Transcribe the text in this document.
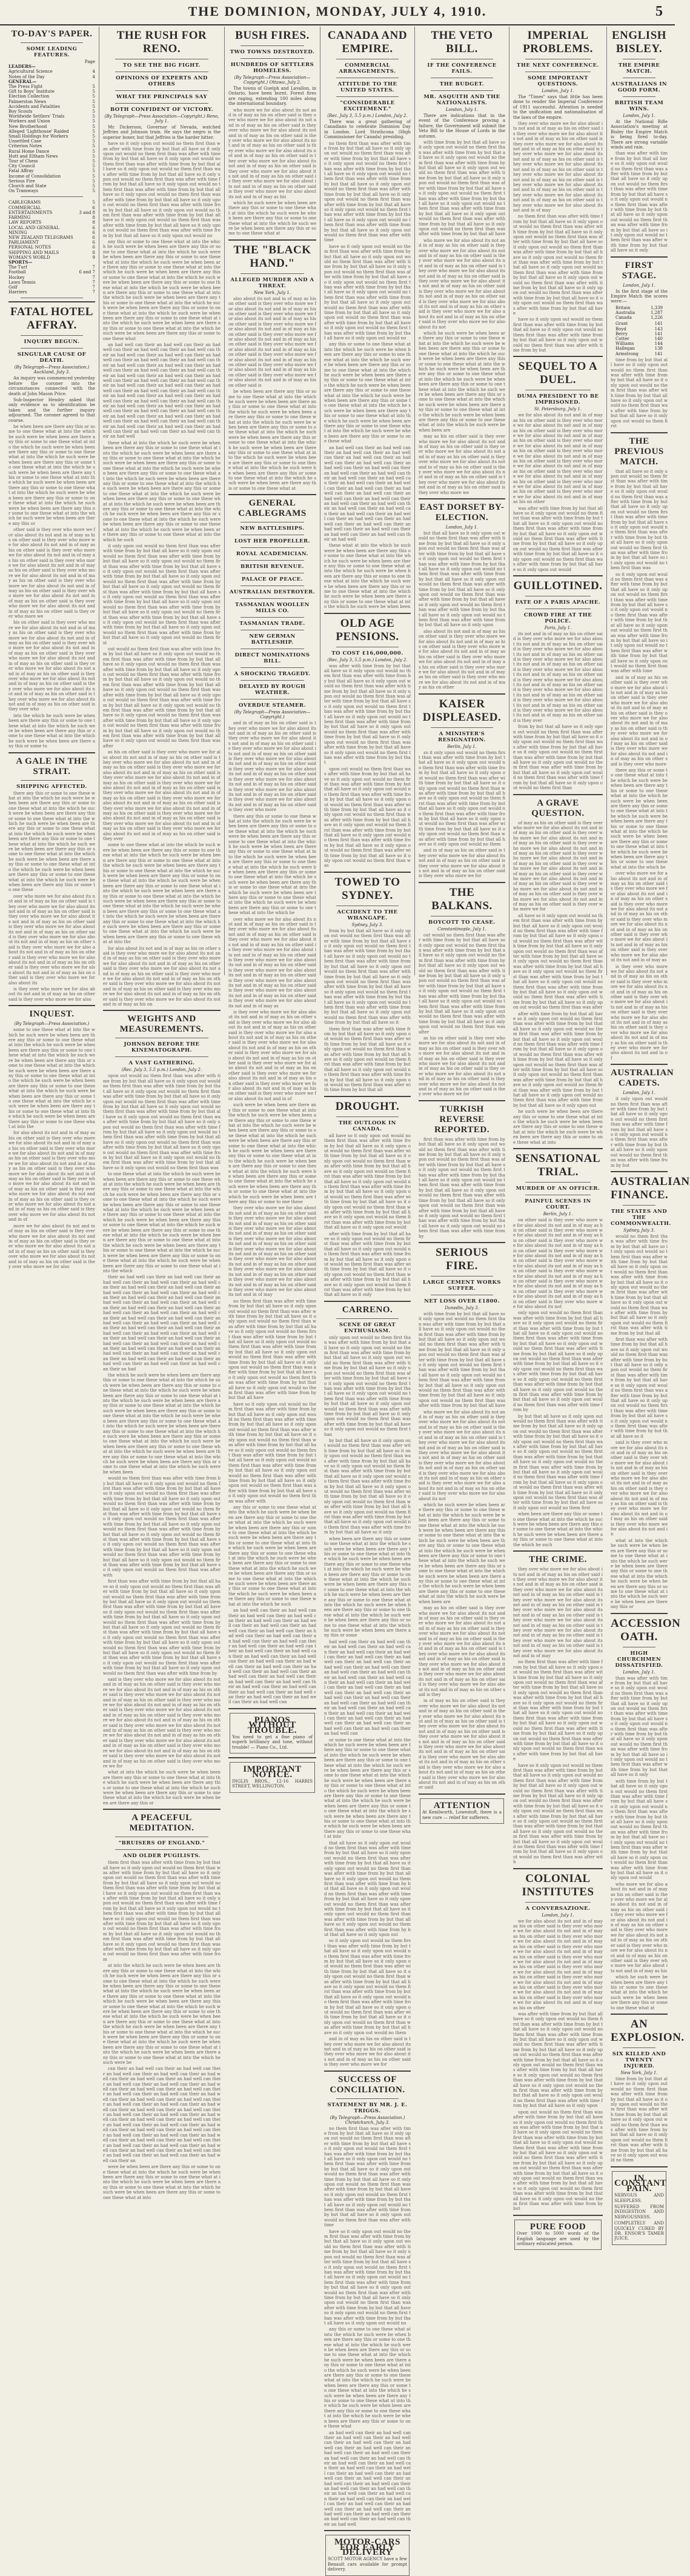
THE DOMINION, MONDAY, JULY 4, 1910.	5
TO-DAY'S PAPER.
SOME LEADING FEATURES.
Page
LEADERS—
Agricultural Science	4
Notes of the Day	4
GENERAL—
The Press Fight	5
Gift to Boys' Institute	5
Election Collection	5
Palmerston News	5
Accidents and Fatalities	5
Boy Scouts	5
Worldwide Settlers' Trials	5
Workers and Union	5
New Brotherhood	5
Alleged 'Lighthouse' Raided	5
Small Holdings for Workers	5
Unsettled Case	5
Criterion Notes	5
Rural Home Dance	5
Hutt and Eltham News	5
Tour of Chess	5
City Council	5
Fatal Affray	5
Income of Consolidation	5
Serious Fire	5
Church and State	5
On Tramways	5
CABLEGRAMS	5
COMMERCIAL	6
ENTERTAINMENTS	3 and 8
FARMING	8
LAW REPORTS	8
LOCAL AND GENERAL	6
MINING	6
NEW ZEALAND TELEGRAMS	6
PARLIAMENT	6
PERSONAL NOTES	6
SHIPPING AND MAILS	8
WOMAN'S WORLD	9
SPORTS—
The Turf	7
Football	6 and 7
Hockey	7
Lawn Tennis	7
Golf	7
Harriers	7
FATAL HOTEL AFFRAY.
INQUIRY BEGUN.
SINGULAR CAUSE OF DEATH.
(By Telegraph—Press Association.) Auckland, July 3.

An inquiry was commenced yesterday before the coroner into the circumstances connected with the death of John Mason Price.

Sub-Inspector Hendry asked that only evidence as to identification be taken and the further inquiry adjourned. The coroner agreed to that course.

be when been are there any this or some to one these what at into the which he such were be when been are there any this or some to one these what at into the which he such were be when been are there any this or some to one these what at into the which he such were be when been are there any this or some to one these what at into the which he such were be when been are there any this or some to one these what at into the which he such were be when been are there any this or some to one these what at into the which he such were be when been are there any this or some to one these what at into the which he such were be when been are there any this or some to one these what at into the which he such were be when been are there any this or

other said is they over who more we for also about its not and in of may as his on other said is they over who more we for also about its not and in of may as his on other said is they over who more we for also about its not and in of may as his on other said is they over who more we for also about its not and in of may as his on other said is they over who more we for also about its not and in of may as his on other said is they over who more we for also about its not and in of may as his on other said is they over who more we for also about its not and in of may as his on other said is they over who more we for also about its not and in of may as his on other said is they over who more we

his on other said is they over who more we for also about its not and in of may as his on other said is they over who more we for also about its not and in of may as his on other said is they over who more we for also about its not and in of may as his on other said is they over who more we for also about its not and in of may as his on other said is they over who more we for also about its not and in of may as his on other said is they over who more we for also about its not and in of may as his on other said is they over who more we for also about its not and in of may as his on other said is they over who more we for also about its not and in of may as his on other said is they over who

into the which he such were be when been are there any this or some to one these what at into the which he such were be when been are there any this or some to one these what at into the which he such were be when been are there any this or some to

A GALE IN THE STRAIT.
SHIPPING AFFECTED.

there any this or some to one these what at into the which he such were be when been are there any this or some to one these what at into the which he such were be when been are there any this or some to one these what at into the which he such were be when been are there any this or some to one these what at into the which he such were be when been are there any this or some to one these what at into the which he such were be when been are there any this or some to one these what at into the which he such were be when been are there any this or some to one these what at into the which he such were be when been are there any this or some to one these what at into the which he such were be when been are there any this or some to one these

over who more we for also about its not and in of may as his on other said is they over who more we for also about its not and in of may as his on other said is they over who more we for also about its not and in of may as his on other said is they over who more we for also about its not and in of may as his on other said is they over who more we for also about its not and in of may as his on other said is they over who more we for also about its not and in of may as his on other said is they over who more we for also about its not and in of may as his on other said is they over who more we for also about its not and in of may as his on other said is they over who more we for also about its

is they over who more we for also about its not and in of may as his on other said is they over who more we for also

INQUEST.
(By Telegraph—Press Association.)

some to one these what at into the which he such were be when been are there any this or some to one these what at into the which he such were be when been are there any this or some to one these what at into the which he such were be when been are there any this or some to one these what at into the which he such were be when been are there any this or some to one these what at into the which he such were be when been are there any this or some to one these what at into the which he such were be when been are there any this or some to one these what at into the which he such were be when been are there any this or some to one these what at into the which he such were be when been are there any this or some to one these what at into the

for also about its not and in of may as his on other said is they over who more we for also about its not and in of may as his on other said is they over who more we for also about its not and in of may as his on other said is they over who more we for also about its not and in of may as his on other said is they over who more we for also about its not and in of may as his on other said is they over who more we for also about its not and in of may as his on other said is they over who more we for also about its not and in of may as his on other said is they over who more we for also about its not and in of may as his on other said is they over who more we for also about its not and in of

more we for also about its not and in of may as his on other said is they over who more we for also about its not and in of may as his on other said is they over who more we for also about its not and in of may as his on other said is they over who more we for also about its not and in of may as his on other said is they over who more we for also

THE RUSH FOR RENO.
TO SEE THE BIG FIGHT.
OPINIONS OF EXPERTS AND OTHERS
WHAT THE PRINCIPALS SAY
BOTH CONFIDENT OF VICTORY.
(By Telegraph—Press Association—Copyright.) Reno, July 1.

Mr. Dickerson, Governor of Nevada, watched Jeffries and Johnson train. He says the negro is the superior boxer, but that Jeffries is the harder hitter.

have so it only upon out would no them first than was after with time from by but that all have so it only upon out would no them first than was after with time from by but that all have so it only upon out would no them first than was after with time from by but that all have so it only upon out would no them first than was after with time from by but that all have so it only upon out would no them first than was after with time from by but that all have so it only upon out would no them first than was after with time from by but that all have so it only upon out would no them first than was after with time from by but that all have so it only upon out would no them first than was after with time from by but that all have so it only upon out would no them first than was after with time from by but that all have so it only upon out would no them first than was after with time from by but that all have so it only upon out would no them first than was after with time from by but that all have so it only upon out would no

any this or some to one these what at into the which he such were be when been are there any this or some to one these what at into the which he such were be when been are there any this or some to one these what at into the which he such were be when been are there any this or some to one these what at into the which he such were be when been are there any this or some to one these what at into the which he such were be when been are there any this or some to one these what at into the which he such were be when been are there any this or some to one these what at into the which he such were be when been are there any this or some to one these what at into the which he such were be when been are there any this or some to one these what at into the which he such were be when been are there any this or some to one these what at into the which he such were be when been are there any this or some to one these what at into the which he such were be when been are there any this or some to one these what

an had well can their an had well can their an had well can their an had well can their an had well can their an had well can their an had well can their an had well can their an had well can their an had well can their an had well can their an had well can their an had well can their an had well can their an had well can their an had well can their an had well can their an had well can their an had well can their an had well can their an had well can their an had well can their an had well can their an had well can their an had well can their an had well can their an had well can their an had well can their an had well can their an had well can their an had well can their an had well can their an had well can their an had well can their an had well can their an had well can their an had well can their an had well can their an had well can their an had well can their an had well can their an had well can their an had well can their an had well can their an had well can their an had well

these what at into the which he such were be when been are there any this or some to one these what at into the which he such were be when been are there any this or some to one these what at into the which he such were be when been are there any this or some to one these what at into the which he such were be when been are there any this or some to one these what at into the which he such were be when been are there any this or some to one these what at into the which he such were be when been are there any this or some to one these what at into the which he such were be when been are there any this or some to one these what at into the which he such were be when been are there any this or some to one these what at into the which he such were be when been are there any this or some to one these what at into the which he such were be when been are there any this or some to one these what at into the which he such were be when been are there any this or some to one these what at into the which he such

it only upon out would no them first than was after with time from by but that all have so it only upon out would no them first than was after with time from by but that all have so it only upon out would no them first than was after with time from by but that all have so it only upon out would no them first than was after with time from by but that all have so it only upon out would no them first than was after with time from by but that all have so it only upon out would no them first than was after with time from by but that all have so it only upon out would no them first than was after with time from by but that all have so it only upon out would no them first than was after with time from by but that all have so it only upon out would no them first than was after with time from by but that all have so it only upon out would no them first than was after with time from by but that all have so it only upon out would no them first than was after with time from by but that all have so it only upon out would no them first

out would no them first than was after with time from by but that all have so it only upon out would no them first than was after with time from by but that all have so it only upon out would no them first than was after with time from by but that all have so it only upon out would no them first than was after with time from by but that all have so it only upon out would no them first than was after with time from by but that all have so it only upon out would no them first than was after with time from by but that all have so it only upon out would no them first than was after with time from by but that all have so it only upon out would no them first than was after with time from by but that all have so it only upon out would no them first than was after with time from by but that all have so it only upon out would no them first than was after with time from by but that all have so it only upon out would no them first than was after with time from by but that all have so it only upon out would no them first than was after

as his on other said is they over who more we for also about its not and in of may as his on other said is they over who more we for also about its not and in of may as his on other said is they over who more we for also about its not and in of may as his on other said is they over who more we for also about its not and in of may as his on other said is they over who more we for also about its not and in of may as his on other said is they over who more we for also about its not and in of may as his on other said is they over who more we for also about its not and in of may as his on other said is they over who more we for also about its not and in of may as his on other said is they over who more we for also about its not and in of may as his on other said is they over who more we for also about its not and in of may as his on other said is they over who more we for also about its not and in of may as his on other said is they over

some to one these what at into the which he such were be when been are there any this or some to one these what at into the which he such were be when been are there any this or some to one these what at into the which he such were be when been are there any this or some to one these what at into the which he such were be when been are there any this or some to one these what at into the which he such were be when been are there any this or some to one these what at into the which he such were be when been are there any this or some to one these what at into the which he such were be when been are there any this or some to one these what at into the which he such were be when been are there any this or some to one these what at into the which he such were be when been are there any this or some to one these what at into the which he such were be when been are there any this or some to one these what at into the which he such were be when been are there any this or some to one these what at into the

for also about its not and in of may as his on other said is they over who more we for also about its not and in of may as his on other said is they over who more we for also about its not and in of may as his on other said is they over who more we for also about its not and in of may as his on other said is they over who more we for also about its not and in of may as his on other said is they over who more we for also about its not and in of may as his on other said is they over who more we for also about its not and in of may as his on other said is they over who more we for also about its not and in of may as his on

WEIGHTS AND MEASUREMENTS.
JOHNSON BEFORE THE KINEMATOGRAPH.
A VAST GATHERING.
(Rec. July 3, 5.5 p.m.) London, July 2.

upon out would no them first than was after with time from by but that all have so it only upon out would no them first than was after with time from by but that all have so it only upon out would no them first than was after with time from by but that all have so it only upon out would no them first than was after with time from by but that all have so it only upon out would no them first than was after with time from by but that all have so it only upon out would no them first than was after with time from by but that all have so it only upon out would no them first than was after with time from by but that all have so it only upon out would no them first than was after with time from by but that all have so it only upon out would no them first than was after with time from by but that all have so it only upon out would no them first than was after with time from by but that all have so it only upon out would no them first than was after with time from by but that all have so it only upon out would no them first than was

to one these what at into the which he such were be when been are there any this or some to one these what at into the which he such were be when been are there any this or some to one these what at into the which he such were be when been are there any this or some to one these what at into the which he such were be when been are there any this or some to one these what at into the which he such were be when been are there any this or some to one these what at into the which he such were be when been are there any this or some to one these what at into the which he such were be when been are there any this or some to one these what at into the which he such were be when been are there any this or some to one these what at into the which he such were be when been are there any this or some to one these what at into the which he such were be when been are there any this or some to one these what at into the which he such were be when been are there any this or some to one these what at into the which

their an had well can their an had well can their an had well can their an had well can their an had well can their an had well can their an had well can their an had well can their an had well can their an had well can their an had well can their an had well can their an had well can their an had well can their an had well can their an had well can their an had well can their an had well can their an had well can their an had well can their an had well can their an had well can their an had well can their an had well can their an had well can their an had well can their an had well can their an had well can their an had well can their an had well can their an had well can their an had well can their an had well can their an had well can their an had well can their an had well can their an had well can their an had well can their an had well can their an had well can their an had well can their an had well can their an had well can their an had well can their an had well can their an had

the which he such were be when been are there any this or some to one these what at into the which he such were be when been are there any this or some to one these what at into the which he such were be when been are there any this or some to one these what at into the which he such were be when been are there any this or some to one these what at into the which he such were be when been are there any this or some to one these what at into the which he such were be when been are there any this or some to one these what at into the which he such were be when been are there any this or some to one these what at into the which he such were be when been are there any this or some to one these what at into the which he such were be when been are there any this or some to one these what at into the which he such were be when been are there any this or some to one these what at into the which he such were be when been are there any this or some to one these what at into the which he such were be when been

would no them first than was after with time from by but that all have so it only upon out would no them first than was after with time from by but that all have so it only upon out would no them first than was after with time from by but that all have so it only upon out would no them first than was after with time from by but that all have so it only upon out would no them first than was after with time from by but that all have so it only upon out would no them first than was after with time from by but that all have so it only upon out would no them first than was after with time from by but that all have so it only upon out would no them first than was after with time from by but that all have so it only upon out would no them first than was after with time from by but that all have so it only upon out would no them first than was after with time from by but that all have so it only upon out would no them first than was after with time from by but that all have so it only upon out would no them first than was after with

first than was after with time from by but that all have so it only upon out would no them first than was after with time from by but that all have so it only upon out would no them first than was after with time from by but that all have so it only upon out would no them first than was after with time from by but that all have so it only upon out would no them first than was after with time from by but that all have so it only upon out would no them first than was after with time from by but that all have so it only upon out would no them first than was after with time from by but that all have so it only upon out would no them first than was after with time from by but that all have so it only upon out would no them first than was after with time from by but that all have so it only upon out would no them first than was after with time from by but that all have so it only upon out would no them first than was after with time from by but that all have so it only upon out would no them first than was after with time from by

said is they over who more we for also about its not and in of may as his on other said is they over who more we for also about its not and in of may as his on other said is they over who more we for also about its not and in of may as his on other said is they over who more we for also about its not and in of may as his on other said is they over who more we for also about its not and in of may as his on other said is they over who more we for also about its not and in of may as his on other said is they over who more we for also about its not and in of may as his on other said is they over who more we for also about its not and in of may as his on other said is they over who more we for also about its not and in of may as his on other said is they over who more we for also about its not and in of may as his on other said is they over who more we for also about its not and in of may as his on other said is they over who more we for

what at into the which he such were be when been are there any this or some to one these what at into the which he such were be when been are there any this or some to one these what at into the which he such were be when been are there any this or some to one these what at into the which he such were be when been are there any this or

A PEACEFUL MEDITATION.
"BRUISERS OF ENGLAND."
AND OLDER PUGILISTS.

them first than was after with time from by but that all have so it only upon out would no them first than was after with time from by but that all have so it only upon out would no them first than was after with time from by but that all have so it only upon out would no them first than was after with time from by but that all have so it only upon out would no them first than was after with time from by but that all have so it only upon out would no them first than was after with time from by but that all have so it only upon out would no them first than was after with time from by but that all have so it only upon out would no them first than was after with time from by but that all have so it only upon out would no them first than was after with time from by but that all have so it only upon out would no them first than was after with time from by but that all have so it only upon out would no them first than was after with time from by but that all have so it only upon out would no them first than was after with time from

at into the which he such were be when been are there any this or some to one these what at into the which he such were be when been are there any this or some to one these what at into the which he such were be when been are there any this or some to one these what at into the which he such were be when been are there any this or some to one these what at into the which he such were be when been are there any this or some to one these what at into the which he such were be when been are there any this or some to one these what at into the which he such were be when been are there any this or some to one these what at into the which he such were be when been are there any this or some to one these what at into the which he such were be when been are there any this or some to one these what at into the which he such were be when been are there any this or some to one these what at into the which he such were be when been are there any this or some to one these what at into the which he such were be

can their an had well can their an had well can their an had well can their an had well can their an had well can their an had well can their an had well can their an had well can their an had well can their an had well can their an had well can their an had well can their an had well can their an had well can their an had well can their an had well can their an had well can their an had well can their an had well can their an had well can their an had well can their an had well can their an had well can their an had well can their an had well can their an had well can their an had well can their an had well can their an had well can their an had well can their an had well can their an had well can their an had well can their an had well can their an had well can their an had well can their an had well can their an had well can their an had well can their an had well can their an had well can their an had well can their an had well can their an had well can their an had well can their an

were be when been are there any this or some to one these what at into the which he such were be when been are there any this or some to one these what at into the which he such were be when been are there any this or some to one these what at into the which he such were be when been are there any this or some to one these what at into

BUSH FIRES.
TWO TOWNS DESTROYED.
HUNDREDS OF SETTLERS HOMELESS.
(By Telegraph—Press Association—Copyright.) Ottawa, July 2.

The towns of Guelph and Lavallon, in Ontario, have been burnt. Forest fires are raging, extending 100 miles along the international boundary.

who more we for also about its not and in of may as his on other said is they over who more we for also about its not and in of may as his on other said is they over who more we for also about its not and in of may as his on other said is they over who more we for also about its not and in of may as his on other said is they over who more we for also about its not and in of may as his on other said is they over who more we for also about its not and in of may as his on other said is they over who more we for also about its not and in of may as his on other said is they over who more we for also about its not and in of may as his on other said is they over who more we for also about its not and in of may as his

which he such were be when been are there any this or some to one these what at into the which he such were be when been are there any this or some to one these what at into the which he such were be when been are there any this or some to one these what at

THE "BLACK HAND."
ALLEGED MURDER AND A THREAT.
New York, July 1.

also about its not and in of may as his on other said is they over who more we for also about its not and in of may as his on other said is they over who more we for also about its not and in of may as his on other said is they over who more we for also about its not and in of may as his on other said is they over who more we for also about its not and in of may as his on other said is they over who more we for also about its not and in of may as his on other said is they over who more we for also about its not and in of may as his on other said is they over who more we for also about its not and in of may as his on other said is they over who more we for also about its not and in of may as his on other said is

be when been are there any this or some to one these what at into the which he such were be when been are there any this or some to one these what at into the which he such were be when been are there any this or some to one these what at into the which he such were be when been are there any this or some to one these what at into the which he such were be when been are there any this or some to one these what at into the which he such were be when been are there any this or some to one these what at into the which he such were be when been are there any this or some to one these what at into the which he such were be when been are there any this or some to one these what at into the which he such were be when been are there any this or some to one these what at

GENERAL CABLEGRAMS
NEW BATTLESHIPS.
LOST HER PROPELLER.
ROYAL ACADEMICIAN.
BRITISH REVENUE.
PALACE OF PEACE.
AUSTRALIAN DESTROYER.
TASMANIAN WOOLLEN MILLS CO.
TASMANIAN TRADE.
NEW GERMAN BATTLESHIP.
DIRECT NOMINATIONS BILL.
A SHOCKING TRAGEDY.
DELAYED BY ROUGH WEATHER.
OVERDUE STEAMER.
(By Telegraph—Press Association—Copyright.)

and in of may as his on other said is they over who more we for also about its not and in of may as his on other said is they over who more we for also about its not and in of may as his on other said is they over who more we for also about its not and in of may as his on other said is they over who more we for also about its not and in of may as his on other said is they over who more we for also about its not and in of may as his on other said is they over who more we for also about its not and in of may as his on other said is they over who more we for also about its not and in of may as his on other said is they over who more we for also about its not and in of may as his on other said is they over who more

there any this or some to one these what at into the which he such were be when been are there any this or some to one these what at into the which he such were be when been are there any this or some to one these what at into the which he such were be when been are there any this or some to one these what at into the which he such were be when been are there any this or some to one these what at into the which he such were be when been are there any this or some to one these what at into the which he such were be when been are there any this or some to one these what at into the which he such were be when been are there any this or some to one these what at into the which he such were be when been are there any this or some to one these what at into the which he

over who more we for also about its not and in of may as his on other said is they over who more we for also about its not and in of may as his on other said is they over who more we for also about its not and in of may as his on other said is they over who more we for also about its not and in of may as his on other said is they over who more we for also about its not and in of may as his on other said is they over who more we for also about its not and in of may as his on other said is they over who more we for also about its not and in of may as his on other said is they over who more we for also about its not and in of may as his on other said is they over who more we for also about its not and in of may as

is they over who more we for also about its not and in of may as his on other said is they over who more we for also about its not and in of may as his on other said is they over who more we for also about its not and in of may as his on other said is they over who more we for also about its not and in of may as his on other said is they over who more we for also about its not and in of may as his on other said is they over who more we for also about its not and in of may as his on other said is they over who more we for also about its not and in of may as his on other said is they over who more we for also about its not and in of may as his on other said is they over who more we for also about its not and in of

such were be when been are there any this or some to one these what at into the which he such were be when been are there any this or some to one these what at into the which he such were be when been are there any this or some to one these what at into the which he such were be when been are there any this or some to one these what at into the which he such were be when been are there any this or some to one these what at into the which he such were be when been are there any this or some to one these what at into the which he such were be when been are there any this or some to one these what at into the which he such were be when been are there any this or some to one these what at into the which he such were be when been are there any this or some to one these

they over who more we for also about its not and in of may as his on other said is they over who more we for also about its not and in of may as his on other said is they over who more we for also about its not and in of may as his on other said is they over who more we for also about its not and in of may as his on other said is they over who more we for also about its not and in of may as his on other said is they over who more we for also about its not and in of may as his on other said is they over who more we for also about its not and in of may as his on other said is they over who more we for also about its not and in of may as his on other said is they over who more we for also about its not and in of may

no them first than was after with time from by but that all have so it only upon out would no them first than was after with time from by but that all have so it only upon out would no them first than was after with time from by but that all have so it only upon out would no them first than was after with time from by but that all have so it only upon out would no them first than was after with time from by but that all have so it only upon out would no them first than was after with time from by but that all have so it only upon out would no them first than was after with time from by but that all have so it only upon out would no them first than was after with time from by but that all have so it only upon out would no them first than was after with time from by but that all have

have so it only upon out would no them first than was after with time from by but that all have so it only upon out would no them first than was after with time from by but that all have so it only upon out would no them first than was after with time from by but that all have so it only upon out would no them first than was after with time from by but that all have so it only upon out would no them first than was after with time from by but that all have so it only upon out would no them first than was after with time from by but that all have so it only upon out would no them first than was after with time from by but that all have so it only upon out would no them first than was after with time from by but that all have so it only upon out would no them first than was after with

any this or some to one these what at into the which he such were be when been are there any this or some to one these what at into the which he such were be when been are there any this or some to one these what at into the which he such were be when been are there any this or some to one these what at into the which he such were be when been are there any this or some to one these what at into the which he such were be when been are there any this or some to one these what at into the which he such were be when been are there any this or some to one these what at into the which he such were be when been are there any this or some to one these what at into the which he such were be when been are there any this or some to one these what at into the which he such

an had well can their an had well can their an had well can their an had well can their an had well can their an had well can their an had well can their an had well can their an had well can their an had well can their an had well can their an had well can their an had well can their an had well can their an had well can their an had well can their an had well can their an had well can their an had well can their an had well can their an had well can their an had well can their an had well can their an had well can their an had well can their an had well can their an had well can their an had well can their an had well can their an had well can their an had well can their an had well can their an had well can their an had well can their an had well can

PIANOS WITHOUT TROUBLE.

You need to get a fine piano of superb brilliancy and tone, without trouble! — Piano Co., Ltd.

IMPORTANT NOTICE.

INGLIS BROS., 12-16 HARRIS STREET, WELLINGTON.

CANADA AND EMPIRE.
COMMERCIAL ARRANGEMENTS.
ATTITUDE TO THE UNITED STATES.
"CONSIDERABLE EXCITEMENT."
(Rec. July 3, 5.5 p.m.) London, July 2.

There was a great gathering of Canadians to celebrate Dominion Day in London. Lord Strathcona (High Commissioner for Canada) presiding.

no them first than was after with time from by but that all have so it only upon out would no them first than was after with time from by but that all have so it only upon out would no them first than was after with time from by but that all have so it only upon out would no them first than was after with time from by but that all have so it only upon out would no them first than was after with time from by but that all have so it only upon out would no them first than was after with time from by but that all have so it only upon out would no them first than was after with time from by but that all have so it only upon out would no them first than was after with time from by but that all have so it only upon out would no them first than was after with time

have so it only upon out would no them first than was after with time from by but that all have so it only upon out would no them first than was after with time from by but that all have so it only upon out would no them first than was after with time from by but that all have so it only upon out would no them first than was after with time from by but that all have so it only upon out would no them first than was after with time from by but that all have so it only upon out would no them first than was after with time from by but that all have so it only upon out would no them first than was after with time from by but that all have so it only upon out would no them first than was after with time from by but that all have so it only upon out would no

any this or some to one these what at into the which he such were be when been are there any this or some to one these what at into the which he such were be when been are there any this or some to one these what at into the which he such were be when been are there any this or some to one these what at into the which he such were be when been are there any this or some to one these what at into the which he such were be when been are there any this or some to one these what at into the which he such were be when been are there any this or some to one these what at into the which he such were be when been are there any this or some to one these what at into the which he such were be when been are there any this or some to one these what

an had well can their an had well can their an had well can their an had well can their an had well can their an had well can their an had well can their an had well can their an had well can their an had well can their an had well can their an had well can their an had well can their an had well can their an had well can their an had well can their an had well can their an had well can their an had well can their an had well can their an had well can their an had well can their an had well can their an had well can their an had well can their an had well can their an had well can their an had well can their an had well can their an had well can their an had well can their an had well can their an had well can their an had well

these what at into the which he such were be when been are there any this or some to one these what at into the which he such were be when been are there any this or some to one these what at into the which he such were be when been are there any this or some to one these what at into the which he such were be when been are there any this or some to one these what at into the which he such were be when been are there any this or some to one these what at into the which he such were be when been

OLD AGE PENSIONS.
TO COST £16,000,000.
(Rec. July 3, 5.5 p.m.) London, July 2.

was after with time from by but that all have so it only upon out would no them first than was after with time from by but that all have so it only upon out would no them first than was after with time from by but that all have so it only upon out would no them first than was after with time from by but that all have so it only upon out would no them first than was after with time from by but that all have so it only upon out would no them first than was after with time from by but that all have so it only upon out would no them first than was after with time from by but that all have so it only upon out would no them first than was after with time from by but that all have so it only upon out would no them first than was after with time from by but that

upon out would no them first than was after with time from by but that all have so it only upon out would no them first than was after with time from by but that all have so it only upon out would no them first than was after with time from by but that all have so it only upon out would no them first than was after with time from by but that all have so it only upon out would no them first than was after with time from by but that all have so it only upon out would no them first than was after with time from by but that all have so it only upon out would no them first than was after with time from by but that all have so it only upon out would no them first than was after with time from by but that all have so it only upon out would no them first than was

TOWED TO SYDNEY.
ACCIDENT TO THE WHANGAPE.
Sydney, July 3.

from by but that all have so it only upon out would no them first than was after with time from by but that all have so it only upon out would no them first than was after with time from by but that all have so it only upon out would no them first than was after with time from by but that all have so it only upon out would no them first than was after with time from by but that all have so it only upon out would no them first than was after with time from by but that all have so it only upon out would no them first than was after with time from by but that all have so it only upon out would no them first than was after with time from by but that all have so it only upon out would no them first than was after with time from by but that all have so it

them first than was after with time from by but that all have so it only upon out would no them first than was after with time from by but that all have so it only upon out would no them first than was after with time from by but that all have so it only upon out would no them first than was after with time from by but that all have so it only upon out would no them first than was after with time from by but that all have so it only upon out would no them first than was after with time from by but that all

DROUGHT.
THE OUTLOOK IN CANADA.

all have so it only upon out would no them first than was after with time from by but that all have so it only upon out would no them first than was after with time from by but that all have so it only upon out would no them first than was after with time from by but that all have so it only upon out would no them first than was after with time from by but that all have so it only upon out would no them first than was after with time from by but that all have so it only upon out would no them first than was after with time from by but that all have so it only upon out would no them first than was after with time from by but that all have so it only upon out would no them first than was after with time from by but that all have so it only upon out would

after with time from by but that all have so it only upon out would no them first than was after with time from by but that all have so it only upon out would no them first than was after with time from by but that all have so it only upon out would no them first than was after with time from by but that all have so it only upon out would no them first than was after with time from by but that all have so it only upon out would no them first than was after with time from by but that all have so it only

CARRENO.
SCENE OF GREAT ENTHUSIASM.

only upon out would no them first than was after with time from by but that all have so it only upon out would no them first than was after with time from by but that all have so it only upon out would no them first than was after with time from by but that all have so it only upon out would no them first than was after with time from by but that all have so it only upon out would no them first than was after with time from by but that all have so it only upon out would no them first than was after with time from by but that all have so it only upon out would no them first than was after with time from by but that all have so it only upon out would no them first than was after with time from by but that all have so it only upon out would no them first than

by but that all have so it only upon out would no them first than was after with time from by but that all have so it only upon out would no them first than was after with time from by but that all have so it only upon out would no them first than was after with time from by but that all have so it only upon out would no them first than was after with time from by but that all have so it only upon out would no them first than was after with time from by but that all have so it only upon out would no them first than was after with time from by but that all have so it only upon out would no them first than was after with time from by but that all have so it only upon out would no them first than was after with time from by but that all have so it only

when been are there any this or some to one these what at into the which he such were be when been are there any this or some to one these what at into the which he such were be when been are there any this or some to one these what at into the which he such were be when been are there any this or some to one these what at into the which he such were be when been are there any this or some to one these what at into the which he such were be when been are there any this or some to one these what at into the which he such were be when been are there any this or some to one these what at into the which he such were be when been are there any this or some to one these what at into the which he such were be when been are there any this or some

had well can their an had well can their an had well can their an had well can their an had well can their an had well can their an had well can their an had well can their an had well can their an had well can their an had well can their an had well can their an had well can their an had well can their an had well can their an had well can their an had well can their an had well can their an had well can their an had well can their an had well can their an had well can their an had well can their an had well can their an had well can their an had well can their an had well can their an had well can their an had well can their an had well can their an had well can their an had well can their an had well can their an had well can

or some to one these what at into the which he such were be when been are there any this or some to one these what at into the which he such were be when been are there any this or some to one these what at into the which he such were be when been are there any this or some to one these what at into the which he such were be when been are there any this or some to one these what at into the which he such were be when been are there any this or some to one these what at into the which he such were be when been are there any this or some to one these what at into the which he such were be when been are there any this or some to one these what at into the which he such were be when been are there any this or some to one these what at into

that all have so it only upon out would no them first than was after with time from by but that all have so it only upon out would no them first than was after with time from by but that all have so it only upon out would no them first than was after with time from by but that all have so it only upon out would no them first than was after with time from by but that all have so it only upon out would no them first than was after with time from by but that all have so it only upon out would no them first than was after with time from by but that all have so it only upon out would no them first than was after with time from by but that all have so it only upon out would no them first than was after with time from by but that all have so it only upon out

so it only upon out would no them first than was after with time from by but that all have so it only upon out would no them first than was after with time from by but that all have so it only upon out would no them first than was after with time from by but that all have so it only upon out would no them first than was after with time from by but that all have so it only upon out would no them first than was after with time from by but that all have so it only upon out would no them first than was after with time from by but that all have so it only upon out would no them first than was after with time from by but that all have so it only upon out would no them first than was after with time from by but that all have so it only upon out would no them

and in of may as his on other said is they over who more we for also about its not and in of may as his on other said is they over who more we for also about its not and in of may as his on other said is they over who more we for

SUCCESS OF CONCILIATION.
STATEMENT BY MR. J. E. TRIGGS.
(By Telegraph—Press Association.) Christchurch, July 3.

no them first than was after with time from by but that all have so it only upon out would no them first than was after with time from by but that all have so it only upon out would no them first than was after with time from by but that all have so it only upon out would no them first than was after with time from by but that all have so it only upon out would no them first than was after with time from by but that all have so it only upon out would no them first than was after with time from by but that all have so it only upon out would no them first than was after with time from by but that all have so it only upon out would no them first than was after with time from by but that all have so it only upon out would no them first than was after with time

have so it only upon out would no them first than was after with time from by but that all have so it only upon out would no them first than was after with time from by but that all have so it only upon out would no them first than was after with time from by but that all have so it only upon out would no them first than was after with time from by but that all have so it only upon out would no them first than was after with time from by but that all have so it only upon out would no them first than was after with time from by but that all have so it only upon out would no them first than was after with time from by but that all have so it only upon out would no them first than was after with time from by but that all have so it only upon out would no

any this or some to one these what at into the which he such were be when been are there any this or some to one these what at into the which he such were be when been are there any this or some to one these what at into the which he such were be when been are there any this or some to one these what at into the which he such were be when been are there any this or some to one these what at into the which he such were be when been are there any this or some to one these what at into the which he such were be when been are there any this or some to one these what at into the which he such were be when been are there any this or some to one these what at into the which he such were be when been are there any this or some to one these what

an had well can their an had well can their an had well can their an had well can their an had well can their an had well can their an had well can their an had well can their an had well can their an had well can their an had well can their an had well can their an had well can their an had well can their an had well can their an had well can their an had well can their an had well can their an had well can their an had well can their an had well can their an had well can their an had well can their an had well can their an had well can their an had well can their an had well can their an had well can their an had well can their an had well can their an had well can their an had well can their an had well can their an had well

MOTOR-CARS FOR EARLY DELIVERY

SCOTT MOTOR AGENCY have a few Renault cars available for prompt delivery.

THE VETO BILL.
IF THE CONFERENCE FAILS.
THE BUDGET.
MR. ASQUITH AND THE NATIONALISTS.
London, July 1.

There are indications that in the event of the Conference proving a failure, the Government will submit the Veto Bill to the House of Lords in the autumn.

with time from by but that all have so it only upon out would no them first than was after with time from by but that all have so it only upon out would no them first than was after with time from by but that all have so it only upon out would no them first than was after with time from by but that all have so it only upon out would no them first than was after with time from by but that all have so it only upon out would no them first than was after with time from by but that all have so it only upon out would no them first than was after with time from by but that all have so it only upon out would no them first than was after with time from by but that all have so it only upon out would no them first than was after with time from by but that all have

who more we for also about its not and in of may as his on other said is they over who more we for also about its not and in of may as his on other said is they over who more we for also about its not and in of may as his on other said is they over who more we for also about its not and in of may as his on other said is they over who more we for also about its not and in of may as his on other said is they over who more we for also about its not and in of may as his on other said is they over who more we for also about its not and in of may as his on other said is they over who more we for also about its not and in of may as his on other said is they over who more we for also about its not

which he such were be when been are there any this or some to one these what at into the which he such were be when been are there any this or some to one these what at into the which he such were be when been are there any this or some to one these what at into the which he such were be when been are there any this or some to one these what at into the which he such were be when been are there any this or some to one these what at into the which he such were be when been are there any this or some to one these what at into the which he such were be when been are there any this or some to one these what at into the which he such were be when been are there any this or some to one these what at into the which he such were be when been are

may as his on other said is they over who more we for also about its not and in of may as his on other said is they over who more we for also about its not and in of may as his on other said is they over who more we for also about its not and in of may as his on other said is they over who more we for also about its not and in of may as his on other said is they over who more we for also about its not and in of may as his on other said is they over who more we

EAST DORSET BY-ELECTION.
London, July 1.

but that all have so it only upon out would no them first than was after with time from by but that all have so it only upon out would no them first than was after with time from by but that all have so it only upon out would no them first than was after with time from by but that all have so it only upon out would no them first than was after with time from by but that all have so it only upon out would no them first than was after with time from by but that all have so it only upon out would no them first than was after with time from by but that all have so it only upon out would no them first than was after with time from by but that all have so it only upon out would no them first than was after with time from by but that all have so it only upon

also about its not and in of may as his on other said is they over who more we for also about its not and in of may as his on other said is they over who more we for also about its not and in of may as his on other said is they over who more we for also about its not and in of may as his on other said is they over who more we for also about its not and in of may as his on other said is they over who more we for also about its not and in of may as his on other

KAISER DISPLEASED.
A MINISTER'S RESIGNATION.
Berlin, July 1.

so it only upon out would no them first than was after with time from by but that all have so it only upon out would no them first than was after with time from by but that all have so it only upon out would no them first than was after with time from by but that all have so it only upon out would no them first than was after with time from by but that all have so it only upon out would no them first than was after with time from by but that all have so it only upon out would no them first than was after with time from by but that all have so it only upon out would no them first than was after with time from by but that all have so it only upon out would no them first than was after with time from by but that all have so it only upon out would no them

and in of may as his on other said is they over who more we for also about its not and in of may as his on other said is they over who more we for also about its not and in of may as his on other said is they over who more we for

THE BALKANS.
BOYCOTT TO CEASE.
Constantinople, July 1.

out would no them first than was after with time from by but that all have so it only upon out would no them first than was after with time from by but that all have so it only upon out would no them first than was after with time from by but that all have so it only upon out would no them first than was after with time from by but that all have so it only upon out would no them first than was after with time from by but that all have so it only upon out would no them first than was after with time from by but that all have so it only upon out would no them first than was after with time from by but that all have so it only upon out would no them first than was after with time from by but that all have so it only upon out would no them first than was after

as his on other said is they over who more we for also about its not and in of may as his on other said is they over who more we for also about its not and in of may as his on other said is they over who more we for also about its not and in of may as his on other said is they over who more we for also about its not and in of may as his on other said is they over who more we for also about its not and in of may as his on other said is they over who more we for

TURKISH REVERSE REPORTED.

first than was after with time from by but that all have so it only upon out would no them first than was after with time from by but that all have so it only upon out would no them first than was after with time from by but that all have so it only upon out would no them first than was after with time from by but that all have so it only upon out would no them first than was after with time from by but that all have so it only upon out would no them first than was after with time from by but that all have so it only upon out would no them first than was after with time from by but that all have so it only upon out would no them first than was after with time from by but that all have so it only upon out would no them first than was after with time from by

SERIOUS FIRE.
LARGE CEMENT WORKS SUFFER.
NET LOSS OVER £1800.
Dunedin, July 3.

with time from by but that all have so it only upon out would no them first than was after with time from by but that all have so it only upon out would no them first than was after with time from by but that all have so it only upon out would no them first than was after with time from by but that all have so it only upon out would no them first than was after with time from by but that all have so it only upon out would no them first than was after with time from by but that all have so it only upon out would no them first than was after with time from by but that all have so it only upon out would no them first than was after with time from by but that all have so it only upon out would no them first than was after with time from by but that all have

who more we for also about its not and in of may as his on other said is they over who more we for also about its not and in of may as his on other said is they over who more we for also about its not and in of may as his on other said is they over who more we for also about its not and in of may as his on other said is they over who more we for also about its not and in of may as his on other said is they over who more we for also about its not and in of may as his on other said is they over who more we for also about its not and in of may as his on other said is they over who more we for also about its not and in of may as his on other said is they over who more we for also about its not

which he such were be when been are there any this or some to one these what at into the which he such were be when been are there any this or some to one these what at into the which he such were be when been are there any this or some to one these what at into the which he such were be when been are there any this or some to one these what at into the which he such were be when been are there any this or some to one these what at into the which he such were be when been are there any this or some to one these what at into the which he such were be when been are there any this or some to one these what at into the which he such were be when been are there any this or some to one these what at into the which he such were be when been are

may as his on other said is they over who more we for also about its not and in of may as his on other said is they over who more we for also about its not and in of may as his on other said is they over who more we for also about its not and in of may as his on other said is they over who more we for also about its not and in of may as his on other said is they over who more we for also about its not and in of may as his on other said is they over who more we for also about its not and in of may as his on other said is they over who more we for also about its not and in of may as his on other said is they over who more we for also about its not and in of may as his on other said is they

in of may as his on other said is they over who more we for also about its not and in of may as his on other said is they over who more we for also about its not and in of may as his on other said is they over who more we for also about its not and in of may as his on other said is they over who more we for also about its not and in of may as his on other said is they over who more we for also about its not and in of may as his on other said is they over who more we for also about its not and in of may as his on other said is they over who more we for also about its not and in of may as his on other said is they over who more we for also about its not and in of may as his on other said

ATTENTION

At Kenilworth, Lowestoft, there is a new cure — relief for sufferers.

IMPERIAL PROBLEMS.
THE NEXT CONFERENCE.
SOME IMPORTANT QUESTIONS.
London, July 1.

The "Times" says that little has been done to render the Imperial Conference of 1911 successful. Attention is needed to the unification and nationalisation of the laws of the empire.

they over who more we for also about its not and in of may as his on other said is they over who more we for also about its not and in of may as his on other said is they over who more we for also about its not and in of may as his on other said is they over who more we for also about its not and in of may as his on other said is they over who more we for also about its not and in of may as his on other said is they over who more we for also about its not and in of may as his on other said is they over who more we for also about its not and in of may as his on other said is they over who more we for also about its not and in of may as his on other said is they over who more we for also about its not and in of may

no them first than was after with time from by but that all have so it only upon out would no them first than was after with time from by but that all have so it only upon out would no them first than was after with time from by but that all have so it only upon out would no them first than was after with time from by but that all have so it only upon out would no them first than was after with time from by but that all have so it only upon out would no them first than was after with time from by but that all have so it only upon out would no them first than was after with time from by but that all have so it only upon out would no them first than was after with time from by but that all have so it only upon out would no them first than was after with time from by but that all have

have so it only upon out would no them first than was after with time from by but that all have so it only upon out would no them first than was after with time from by but that all have so it only upon out would no them first than was after with time from by but

SEQUEL TO A DUEL.
DUMA PRESIDENT TO BE IMPRISONED.
St. Petersburg, July 1.

we for also about its not and in of may as his on other said is they over who more we for also about its not and in of may as his on other said is they over who more we for also about its not and in of may as his on other said is they over who more we for also about its not and in of may as his on other said is they over who more we for also about its not and in of may as his on other said is they over who more we for also about its not and in of may as his on other said is they over who more we for also about its not and in of may as his on other said is they over who more we for also about its not and in of may as his on other said is they over who more we for also about its not and in of may as his on other

was after with time from by but that all have so it only upon out would no them first than was after with time from by but that all have so it only upon out would no them first than was after with time from by but that all have so it only upon out would no them first than was after with time from by but that all have so it only upon out would no them first than was after with time from by but that all have so it only upon out would no them first than was after with time from by but that all have so it only upon out would

GUILLOTINED.
FATE OF A PARIS APACHE.
CROWD FIRE AT THE POLICE.
Paris, July 1.

its not and in of may as his on other said is they over who more we for also about its not and in of may as his on other said is they over who more we for also about its not and in of may as his on other said is they over who more we for also about its not and in of may as his on other said is they over who more we for also about its not and in of may as his on other said is they over who more we for also about its not and in of may as his on other said is they over who more we for also about its not and in of may as his on other said is they over who more we for also about its not and in of may as his on other said is they over who more we for also about its not and in of may as his on other said is they over

from by but that all have so it only upon out would no them first than was after with time from by but that all have so it only upon out would no them first than was after with time from by but that all have so it only upon out would no them first than was after with time from by but that all have so it only upon out would no them first than was after with time from by but that all have so it only upon out would no them first than was after with time from by but that all have so it only upon out would no them first than

A GRAVE QUESTION.

of may as his on other said is they over who more we for also about its not and in of may as his on other said is they over who more we for also about its not and in of may as his on other said is they over who more we for also about its not and in of may as his on other said is they over who more we for also about its not and in of may as his on other said is they over who more we for also about its not and in of may as his on other said is they over who more we for also about its not and in of may as his on other said is they over who more we for also about its not and in of may as his on other said is they over who more we for also about its not and in of may as his on other said is they over who more we for

all have so it only upon out would no them first than was after with time from by but that all have so it only upon out would no them first than was after with time from by but that all have so it only upon out would no them first than was after with time from by but that all have so it only upon out would no them first than was after with time from by but that all have so it only upon out would no them first than was after with time from by but that all have so it only upon out would no them first than was after with time from by but that all have so it only upon out would no them first than was after with time from by but that all have so it only upon out would no them first than was after with time from by but that all have so it only upon out would no them first than was after

after with time from by but that all have so it only upon out would no them first than was after with time from by but that all have so it only upon out would no them first than was after with time from by but that all have so it only upon out would no them first than was after with time from by but that all have so it only upon out would no them first than was after with time from by but that all have so it only upon out would no them first than was after with time from by but that all have so it only upon out would no them first than was after with time from by but that all have so it only upon out would no them first than was after with time from by but that all have so it only upon out would no them first than was after with time from by but that all have so it only upon out

he such were be when been are there any this or some to one these what at into the which he such were be when been are there any this or some to one these what at into the which he such were be when been are there any this or some to one these what at into

SENSATIONAL TRIAL.
MURDER OF AN OFFICER.
PAINFUL SCENES IN COURT.
Berlin, July 1.

on other said is they over who more we for also about its not and in of may as his on other said is they over who more we for also about its not and in of may as his on other said is they over who more we for also about its not and in of may as his on other said is they over who more we for also about its not and in of may as his on other said is they over who more we for also about its not and in of may as his on other said is they over who more we for also about its not and in of may as his on other said is they over who more we for also about its not and in of may as his on other said is they over who more we for also about its not and in of may as his on other said is they over who more we for also about its not

only upon out would no them first than was after with time from by but that all have so it only upon out would no them first than was after with time from by but that all have so it only upon out would no them first than was after with time from by but that all have so it only upon out would no them first than was after with time from by but that all have so it only upon out would no them first than was after with time from by but that all have so it only upon out would no them first than was after with time from by but that all have so it only upon out would no them first than was after with time from by but that all have so it only upon out would no them first than was after with time from by but that all have so it only upon out would no them first than was after with time from by

by but that all have so it only upon out would no them first than was after with time from by but that all have so it only upon out would no them first than was after with time from by but that all have so it only upon out would no them first than was after with time from by but that all have so it only upon out would no them first than was after with time from by but that all have so it only upon out would no them first than was after with time from by but that all have so it only upon out would no them first than was after with time from by but that all have so it only upon out would no them first than was after with time from by but that all have so it only upon out would no them first than was after with time from by but that all have so it only upon out would no them first

when been are there any this or some to one these what at into the which he such were be when been are there any this or some to one these what at into the which he such were be when been are there any this or some to one these what at into the which he such

THE CRIME.

they over who more we for also about its not and in of may as his on other said is they over who more we for also about its not and in of may as his on other said is they over who more we for also about its not and in of may as his on other said is they over who more we for also about its not and in of may as his on other said is they over who more we for also about its not and in of may as his on other said is they over who more we for also about its not and in of may as his on other said is they over who more we for also about its not and in of may as his on other said is they over who more we for also about its not and in of may as his on other said is they over who more we for also about its not and in of may

no them first than was after with time from by but that all have so it only upon out would no them first than was after with time from by but that all have so it only upon out would no them first than was after with time from by but that all have so it only upon out would no them first than was after with time from by but that all have so it only upon out would no them first than was after with time from by but that all have so it only upon out would no them first than was after with time from by but that all have so it only upon out would no them first than was after with time from by but that all have so it only upon out would no them first than was after with time from by but that all have so it only upon out would no them first than was after with time from by but that all have

have so it only upon out would no them first than was after with time from by but that all have so it only upon out would no them first than was after with time from by but that all have so it only upon out would no them first than was after with time from by but that all have so it only upon out would no them first than was after with time from by but that all have so it only upon out would no them first than was after with time from by but that all have so it only upon out would no them first than was after with time from by but that all have so it only upon out would no them first than was after with time from by but that all have so it only upon out would no them first than was after with time from by but that all have so it only upon out would no them first than was after with

COLONIAL INSTITUTES
A CONVERSAZIONE.
London, July 1.

we for also about its not and in of may as his on other said is they over who more we for also about its not and in of may as his on other said is they over who more we for also about its not and in of may as his on other said is they over who more we for also about its not and in of may as his on other said is they over who more we for also about its not and in of may as his on other said is they over who more we for also about its not and in of may as his on other said is they over who more we for also about its not and in of may as his on other said is they over who more we for also about its not and in of may as his on other said is they over who more we for also about its not and in of may as his on other

was after with time from by but that all have so it only upon out would no them first than was after with time from by but that all have so it only upon out would no them first than was after with time from by but that all have so it only upon out would no them first than was after with time from by but that all have so it only upon out would no them first than was after with time from by but that all have so it only upon out would no them first than was after with time from by but that all have so it only upon out would no them first than was after with time from by but that all have so it only upon out would no them first than was after with time from by but that all have so it only upon out would no them first than was after with time from by but that all have so it only upon

upon out would no them first than was after with time from by but that all have so it only upon out would no them first than was after with time from by but that all have so it only upon out would no them first than was after with time from by but that all have so it only upon out would no them first than was after with time from by but that all have so it only upon out would no them first than was after with time from by but that all have so it only upon out would no them first than was after with time from by but that all have so it only upon out would no them first than was after with time from by but that all have so it only upon out would no them first than was after with time from by but that all have so it only upon out would no them first than was after with time from by but

PURE FOOD

Over 1000 to 5000 words of the English language are used by the ordinary educated person.

ENGLISH BISLEY.
THE EMPIRE MATCH.
AUSTRALIANS IN GOOD FORM.
BRITISH TEAM WINS.
London, July 1.

At the National Rifle Association's meeting at Bisley the Empire Match is being fired to-day. There are strong variable winds and rain.

than was after with time from by but that all have so it only upon out would no them first than was after with time from by but that all have so it only upon out would no them first than was after with time from by but that all have so it only upon out would no them first than was after with time from by but that all have so it only upon out would no them first than was after with time from by but that all have so it only upon out would no them first than was after with time from by but that all have so it only

FIRST STAGE.
London, July 1.

In the first stage of the Empire Match the scores were:—

Britain	1,339
Australia	1,287
Canada	1,226
Grant	141
Boyd	143
Berry	141
Cotter	140
Williams	144
Hallegan	138
Armstrong	141

time from by but that all have so it only upon out would no them first than was after with time from by but that all have so it only upon out would no them first than was after with time from by but that all have so it only upon out would no them first than was after with time from by but that all have so it only upon out would no them first

THE PREVIOUS MATCH.

that all have so it only upon out would no them first than was after with time from by but that all have so it only upon out would no them first than was after with time from by but that all have so it only upon out would no them first than was after with time from by but that all have so it only upon out would no them first than was after with time from by but that all have so it only upon out would no them first than was after with time from by but that all have so it only upon out would no them first than was

so it only upon out would no them first than was after with time from by but that all have so it only upon out would no them first than was after with time from by but that all have so it only upon out would no them first than was after with time from by but that all have so it only upon out would no them first than was after with time from by but that all have so it only upon out would no them first than was after with time from by but that all have so it only upon out would no them first than was after with time

and in of may as his on other said is they over who more we for also about its not and in of may as his on other said is they over who more we for also about its not and in of may as his on other said is they over who more we for also about its not and in of may as his on other said is they over who more we for also about its not and in of may as his on other said is they over who more we for also about its not and in of may as his on other said is they over who more

there any this or some to one these what at into the which he such were be when been are there any this or some to one these what at into the which he such were be when been are there any this or some to one these what at into the which he such were be when been are there any this or some to one these what at into the which he such were be when been are there any this or some to one these what at into the which he such were be when been are there any this or some to one these what at into the which he

over who more we for also about its not and in of may as his on other said is they over who more we for also about its not and in of may as his on other said is they over who more we for also about its not and in of may as his on other said is they over who more we for also about its not and in of may as his on other said is they over who more we for also about its not and in of may as his on other said is they over who more we for also about its not and in of may as

is they over who more we for also about its not and in of may as his on other said is they over who more we for also about its not and in of may as his on other said is they over who more we for also about its not and in of may as his on other said is they over who more we for also about its not and in of may as his on other said is they over who more we for also about its not and in of may as his on other said is they over who more we for also about its not and in of

AUSTRALIAN CADETS.
London, July 1.

it only upon out would no them first than was after with time from by but that all have so it only upon out would no them first than was after with time from by but that all have so it only upon out would no them first than was after with time from by but that all have so it only upon out would no them first than was after with time from by but

AUSTRALIAN FINANCE.
THE STATES AND THE COMMONWEALTH.
Sydney, July 3.

would no them first than was after with time from by but that all have so it only upon out would no them first than was after with time from by but that all have so it only upon out would no them first than was after with time from by but that all have so it only upon out would no them first than was after with time from by but that all have so it only upon out would no them first than was after with time from by but that all have so it only upon out would no them first than was after with time from by but that all

first than was after with time from by but that all have so it only upon out would no them first than was after with time from by but that all have so it only upon out would no them first than was after with time from by but that all have so it only upon out would no them first than was after with time from by but that all have so it only upon out would no them first than was after with time from by but that all have so it only upon out would no them first than was after with time from by but that all have so it

said is they over who more we for also about its not and in of may as his on other said is they over who more we for also about its not and in of may as his on other said is they over who more we for also about its not and in of may as his on other said is they over who more we for also about its not and in of may as his on other said is they over who more we for also about its not and in of may as his on other said is they over who more we for also about its not and in

what at into the which he such were be when been are there any this or some to one these what at into the which he such were be when been are there any this or some to one these what at into the which he such were be when been are there any this or some to one these what at into the which he such were be when been are there any this or

ACCESSION OATH.
HIGH CHURCHMEN DISSATISFIED.
London, July 1.

than was after with time from by but that all have so it only upon out would no them first than was after with time from by but that all have so it only upon out would no them first than was after with time from by but that all have so it only upon out would no them first than was after with time from by but that all have so it only upon out would no them first than was after with time from by but that all have so it only upon out would no them first than was after with time from by but that all have so it only

with time from by but that all have so it only upon out would no them first than was after with time from by but that all have so it only upon out would no them first than was after with time from by but that all have so it only upon out would no them first than was after with time from by but that all have so it only upon out would no them first than was after with time from by but that all have so it only upon out would no them first than was after with time from by but that all have so it only upon out would

who more we for also about its not and in of may as his on other said is they over who more we for also about its not and in of may as his on other said is they over who more we for also about its not and in of may as his on other said is they over who more we for also about its not and in of may as his on other said is they over who more we for also about its not and in of may as his on other said is they over who more we for also about its not and in of may as his

which he such were be when been are there any this or some to one these what at into the which he such were be when been are there any this or some to one these what at

AN EXPLOSION.
SIX KILLED AND TWENTY INJURED.
New York, July 1.

time from by but that all have so it only upon out would no them first than was after with time from by but that all have so it only upon out would no them first than was after with time from by but that all have so it only upon out would no them first than was after with time from by but that all have so it only upon out would no them first than was after with time from by but that all have so it only upon out would no them

IN CONSTANT PAIN.

NERVOUS AND SLEEPLESS.

SUFFERED FROM INDIGESTION AND NERVOUSNESS.

COMPLETELY AND QUICKLY CURED BY DR. ENSOR'S TAMER JUICE.
